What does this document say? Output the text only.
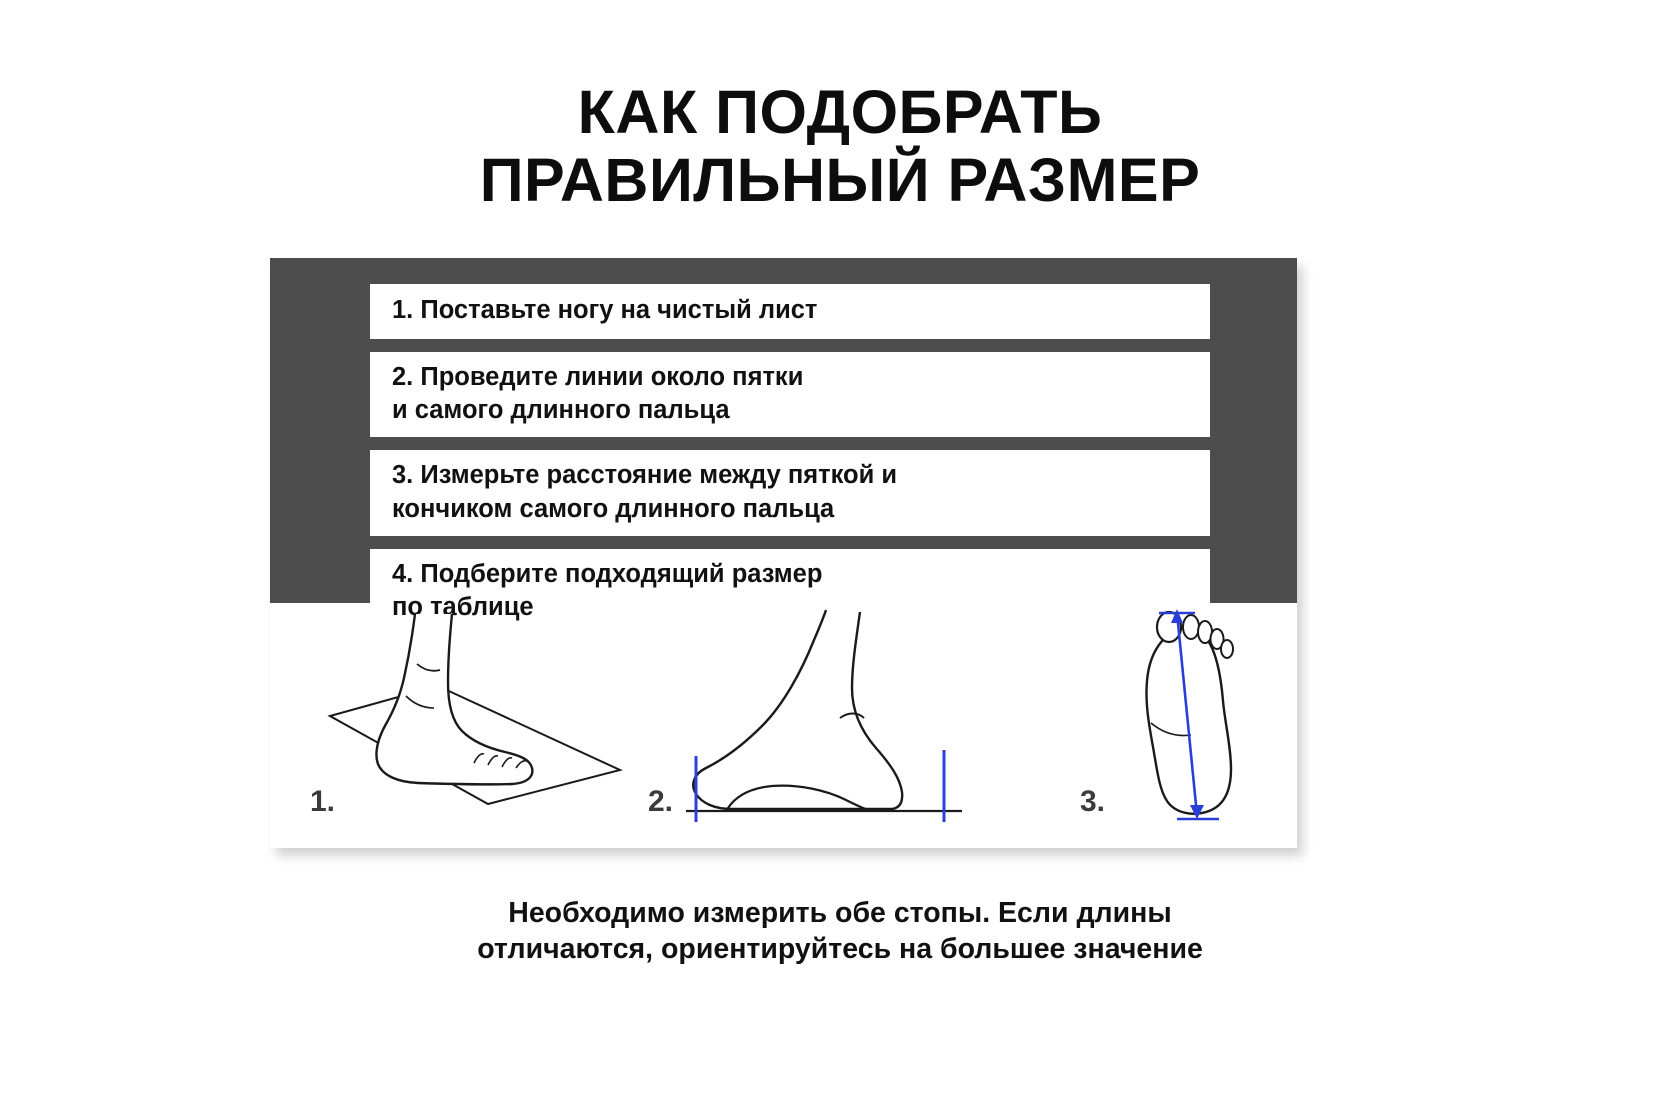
КАК ПОДОБРАТЬ
ПРАВИЛЬНЫЙ РАЗМЕР
1. Поставьте ногу на чистый лист
2. Проведите линии около пятки
и самого длинного пальца
3. Измерьте расстояние между пяткой и
кончиком самого длинного пальца
4. Подберите подходящий размер
по таблице
1.	2.	3.
Необходимо измерить обе стопы. Если длины
отличаются, ориентируйтесь на большее значение
